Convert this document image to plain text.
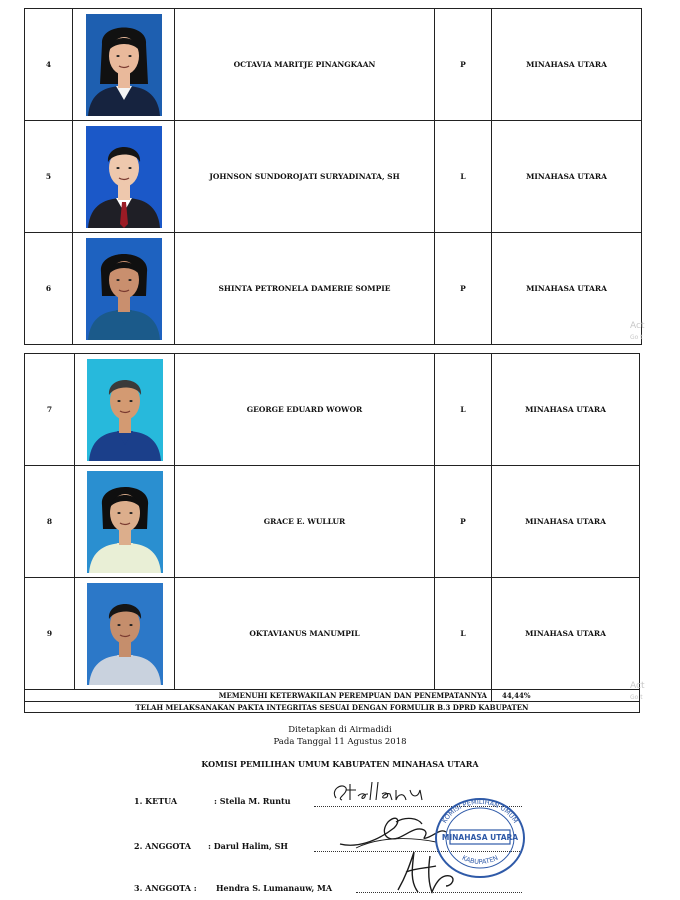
4		OCTAVIA MARITJE PINANGKAAN	P	MINAHASA UTARA
5		JOHNSON SUNDOROJATI SURYADINATA, SH	L	MINAHASA UTARA
6		SHINTA PETRONELA DAMERIE SOMPIE	P	MINAHASA UTARA
7		GEORGE EDUARD WOWOR	L	MINAHASA UTARA
8		GRACE E. WULLUR	P	MINAHASA UTARA
9		OKTAVIANUS MANUMPIL	L	MINAHASA UTARA
MEMENUHI KETERWAKILAN PEREMPUAN DAN PENEMPATANNYA				44,44%
TELAH MELAKSANAKAN PAKTA INTEGRITAS SESUAI DENGAN FORMULIR B.3 DPRD KABUPATEN				
Act
Go t
Act
Go t
Ditetapkan di Airmadidi
Pada Tanggal 11 Agustus 2018
KOMISI PEMILIHAN UMUM KABUPATEN MINAHASA UTARA
1. KETUA	: Stella M. Runtu
2. ANGGOTA : Darul Halim, SH
3. ANGGOTA : Hendra S. Lumanauw, MA
MINAHASA UTARA
KOMISI PEMILIHAN UMUM
KABUPATEN
